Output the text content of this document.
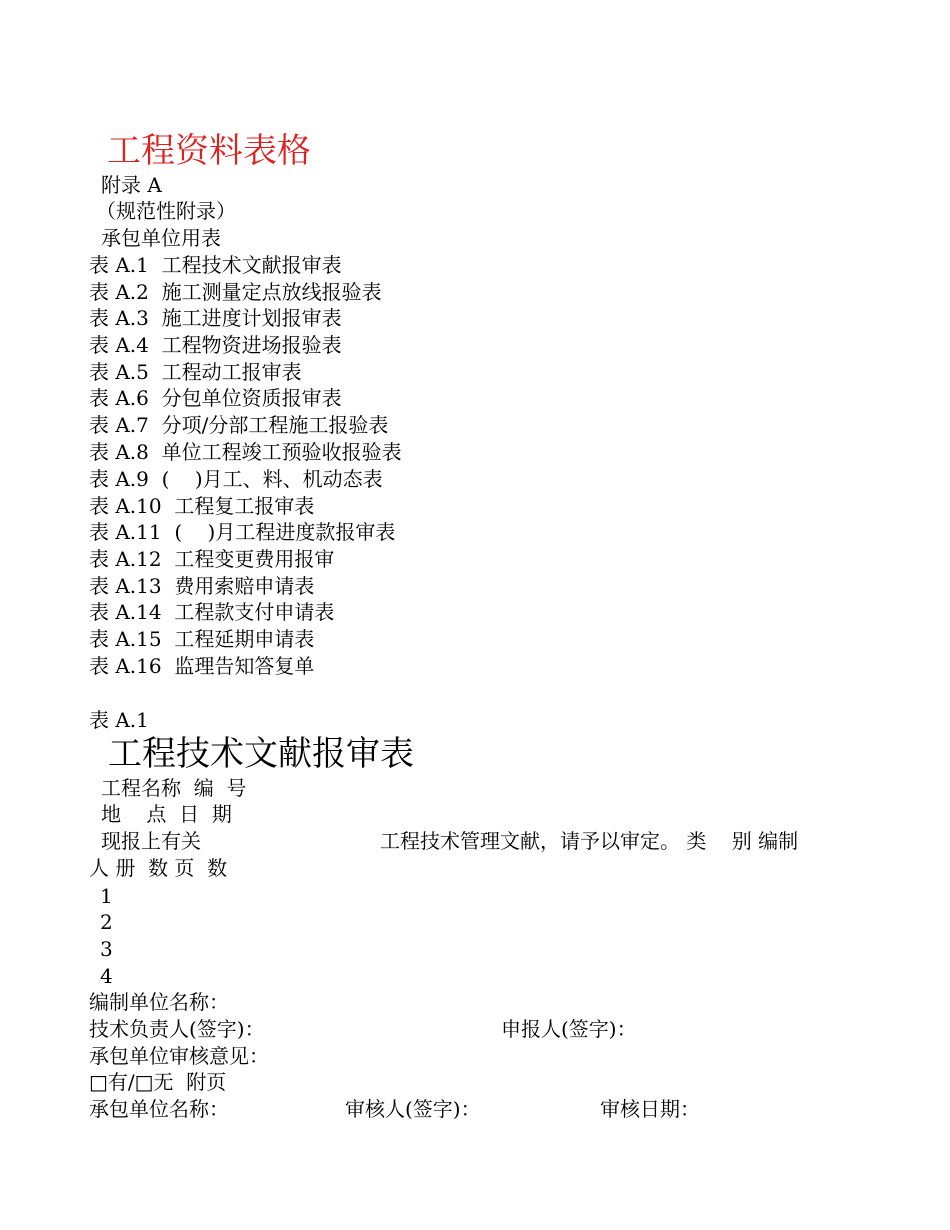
工程资料表格
附录 A
（规范性附录）
承包单位用表
表 A.1  工程技术文献报审表
表 A.2  施工测量定点放线报验表
表 A.3  施工进度计划报审表
表 A.4  工程物资进场报验表
表 A.5  工程动工报审表
表 A.6  分包单位资质报审表
表 A.7  分项/分部工程施工报验表
表 A.8  单位工程竣工预验收报验表
表 A.9  (    )月工、料、机动态表
表 A.10  工程复工报审表
表 A.11  (    )月工程进度款报审表
表 A.12  工程变更费用报审
表 A.13  费用索赔申请表
表 A.14  工程款支付申请表
表 A.15  工程延期申请表
表 A.16  监理告知答复单
表 A.1
工程技术文献报审表
工程名称  编  号
地    点  日  期
现报上有关	工程技术管理文献，请予以审定。 类    别 编制
人 册  数 页  数
1
2
3
4
编制单位名称：
技术负责人(签字)：	申报人(签字)：
承包单位审核意见：
□有/□无  附页
承包单位名称：	审核人(签字)：	审核日期：
